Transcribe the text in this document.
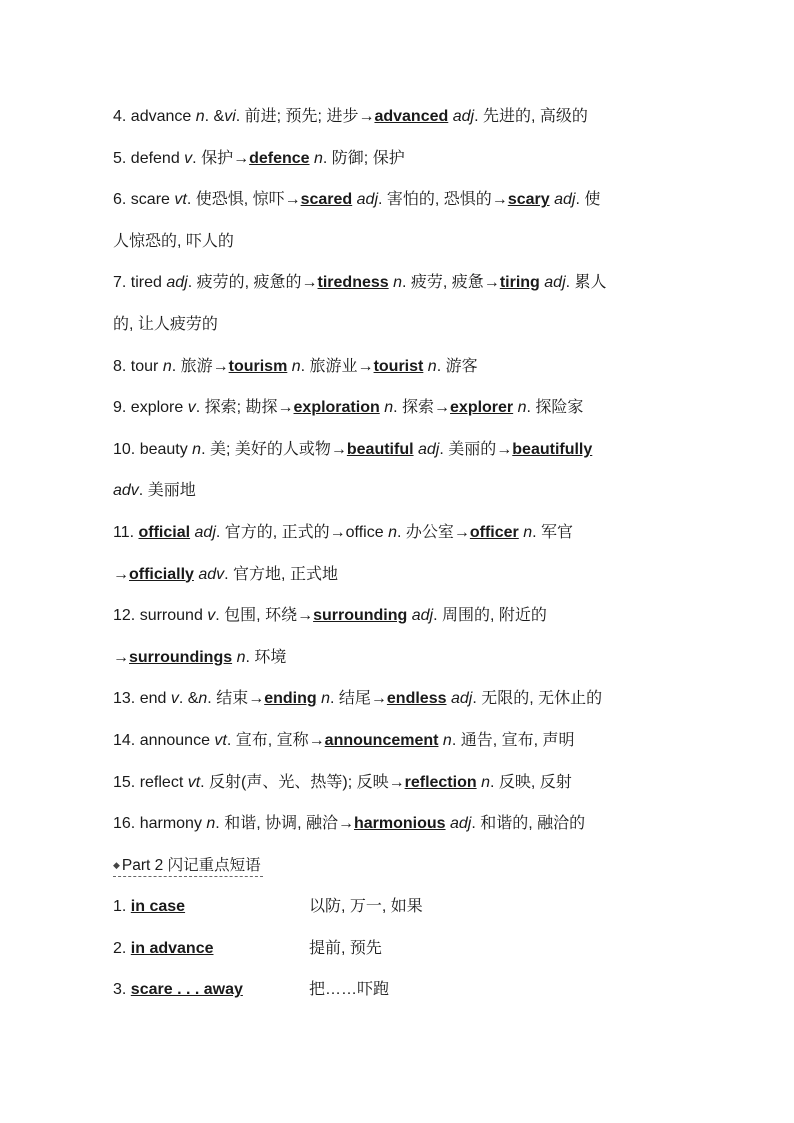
4. advance n. &vi. 前进; 预先; 进步→advanced adj. 先进的, 高级的
5. defend v. 保护→defence n. 防御; 保护
6. scare vt. 使恐惧, 惊吓→scared adj. 害怕的, 恐惧的→scary adj. 使
人惊恐的, 吓人的
7. tired adj. 疲劳的, 疲惫的→tiredness n. 疲劳, 疲惫→tiring adj. 累人
的, 让人疲劳的
8. tour n. 旅游→tourism n. 旅游业→tourist n. 游客
9. explore v. 探索; 勘探→exploration n. 探索→explorer n. 探险家
10. beauty n. 美; 美好的人或物→beautiful adj. 美丽的→beautifully
adv. 美丽地
11. official adj. 官方的, 正式的→office n. 办公室→officer n. 军官
→officially adv. 官方地, 正式地
12. surround v. 包围, 环绕→surrounding adj. 周围的, 附近的
→surroundings n. 环境
13. end v. &n. 结束→ending n. 结尾→endless adj. 无限的, 无休止的
14. announce vt. 宣布, 宣称→announcement n. 通告, 宣布, 声明
15. reflect vt. 反射(声、光、热等); 反映→reflection n. 反映, 反射
16. harmony n. 和谐, 协调, 融洽→harmonious adj. 和谐的, 融洽的
◆ Part 2 闪记重点短语
1. in case	以防, 万一, 如果
2. in advance	提前, 预先
3. scare . . . away	把……吓跑
